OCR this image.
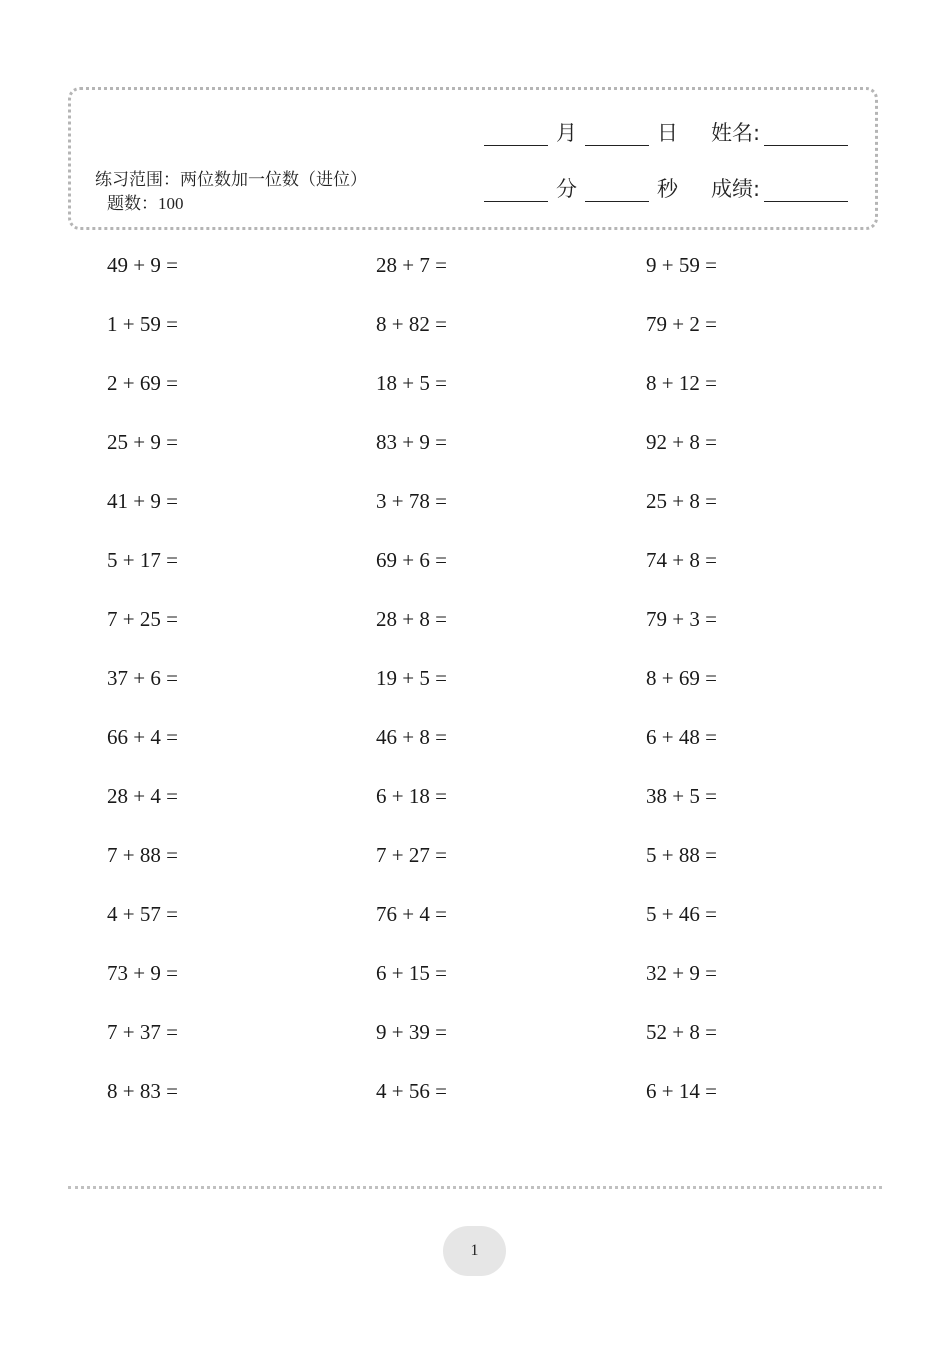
练习范围：两位数加一位数（进位）题数：100
月	日	姓名:
分	秒	成绩:
49 + 9 =	28 + 7 =	9 + 59 =
1 + 59 =	8 + 82 =	79 + 2 =
2 + 69 =	18 + 5 =	8 + 12 =
25 + 9 =	83 + 9 =	92 + 8 =
41 + 9 =	3 + 78 =	25 + 8 =
5 + 17 =	69 + 6 =	74 + 8 =
7 + 25 =	28 + 8 =	79 + 3 =
37 + 6 =	19 + 5 =	8 + 69 =
66 + 4 =	46 + 8 =	6 + 48 =
28 + 4 =	6 + 18 =	38 + 5 =
7 + 88 =	7 + 27 =	5 + 88 =
4 + 57 =	76 + 4 =	5 + 46 =
73 + 9 =	6 + 15 =	32 + 9 =
7 + 37 =	9 + 39 =	52 + 8 =
8 + 83 =	4 + 56 =	6 + 14 =
1
